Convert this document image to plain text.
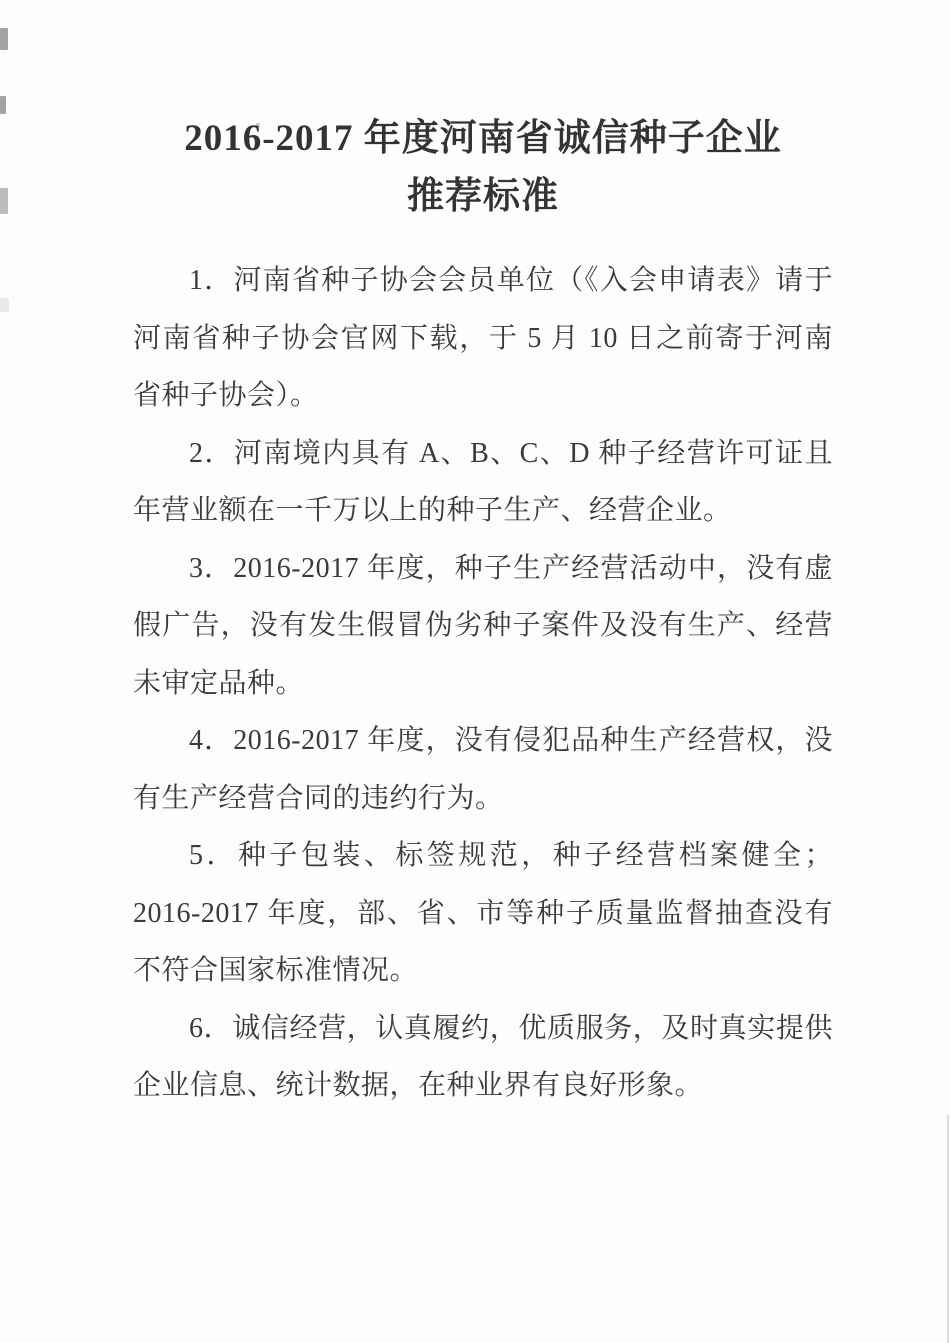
2016-2017 年度河南省诚信种子企业
推荐标准

1．河南省种子协会会员单位（《入会申请表》请于河南省种子协会官网下载，于 5 月 10 日之前寄于河南省种子协会）。

2．河南境内具有 A、B、C、D 种子经营许可证且年营业额在一千万以上的种子生产、经营企业。

3．2016-2017 年度，种子生产经营活动中，没有虚假广告，没有发生假冒伪劣种子案件及没有生产、经营未审定品种。

4．2016-2017 年度，没有侵犯品种生产经营权，没有生产经营合同的违约行为。

5．种子包装、标签规范，种子经营档案健全；2016-2017 年度，部、省、市等种子质量监督抽查没有不符合国家标准情况。

6．诚信经营，认真履约，优质服务，及时真实提供企业信息、统计数据，在种业界有良好形象。
